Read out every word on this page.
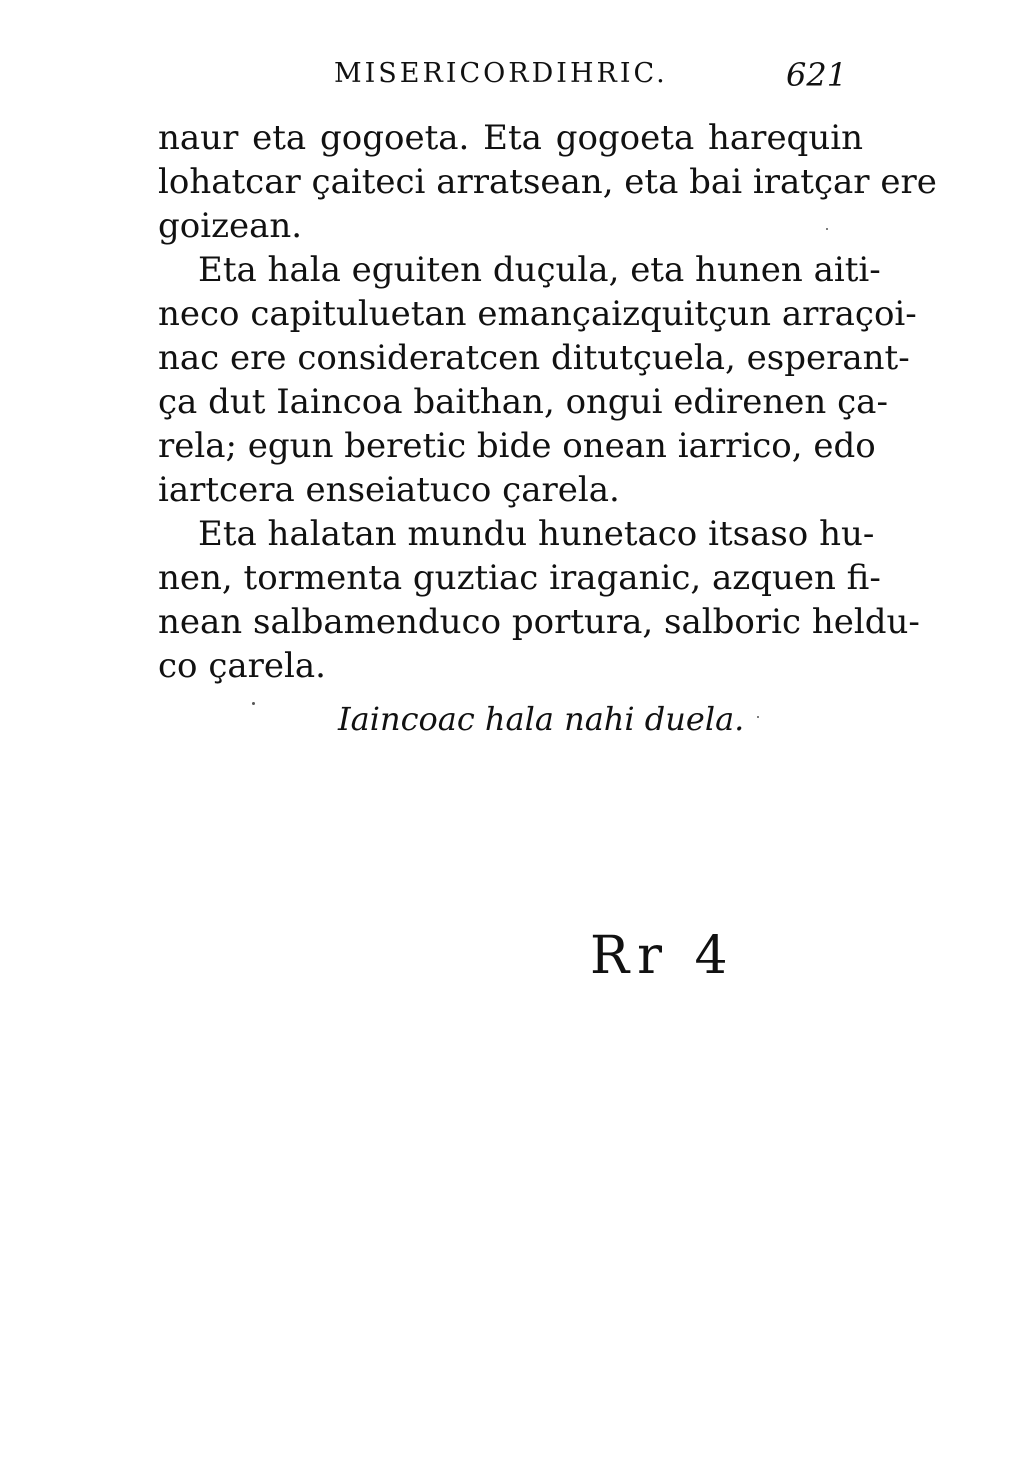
MISERICORDIHRIC.	621
naur eta gogoeta. Eta gogoeta harequin
lohatcar çaiteci arratsean, eta bai iratçar ere
goizean.
Eta hala eguiten duçula, eta hunen aiti-
neco capituluetan emançaizquitçun arraçoi-
nac ere consideratcen ditutçuela, esperant-
ça dut Iaincoa baithan, ongui edirenen ça-
rela; egun beretic bide onean iarrico, edo
iartcera enseiatuco çarela.
Eta halatan mundu hunetaco itsaso hu-
nen, tormenta guztiac iraganic, azquen fi-
nean salbamenduco portura, salboric heldu-
co çarela.
Iaincoac hala nahi duela.
Rr 4
